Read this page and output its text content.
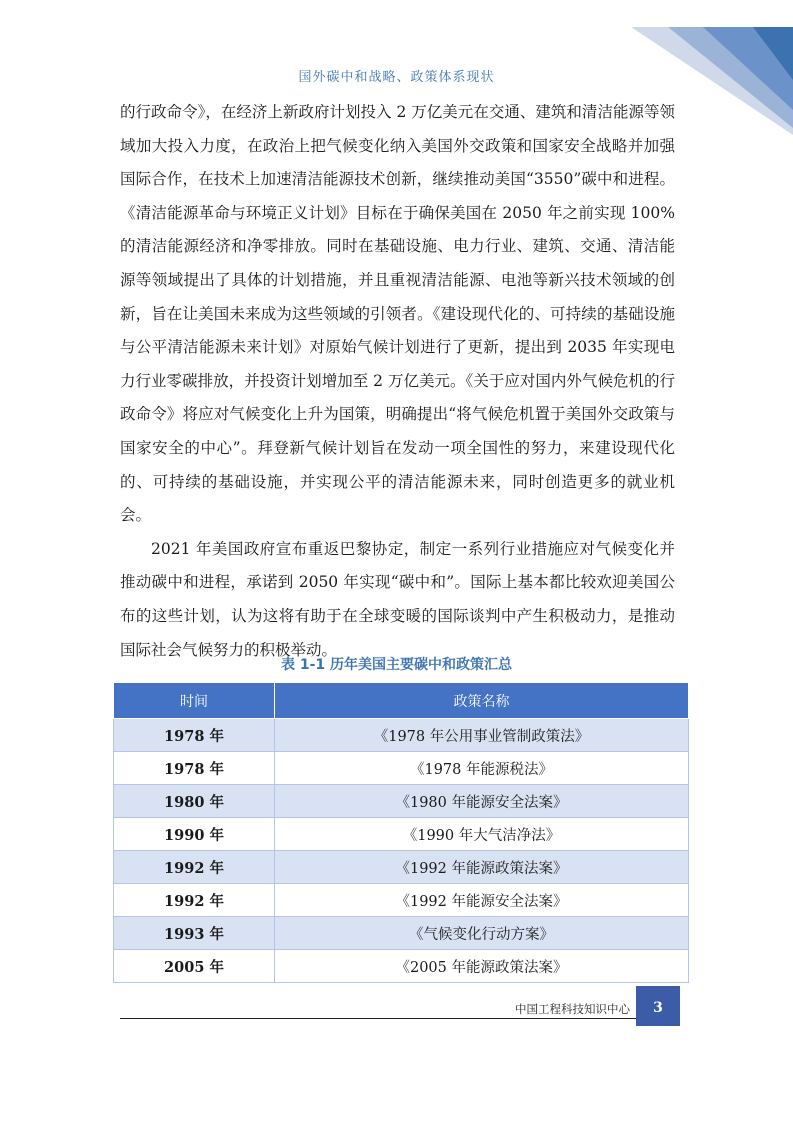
国外碳中和战略、政策体系现状

的行政命令》，在经济上新政府计划投入 2 万亿美元在交通、建筑和清洁能源等领域加大投入力度，在政治上把气候变化纳入美国外交政策和国家安全战略并加强国际合作，在技术上加速清洁能源技术创新，继续推动美国“3550”碳中和进程。《清洁能源革命与环境正义计划》目标在于确保美国在 2050 年之前实现 100%的清洁能源经济和净零排放。同时在基础设施、电力行业、建筑、交通、清洁能源等领域提出了具体的计划措施，并且重视清洁能源、电池等新兴技术领域的创新，旨在让美国未来成为这些领域的引领者。《建设现代化的、可持续的基础设施与公平清洁能源未来计划》对原始气候计划进行了更新，提出到 2035 年实现电力行业零碳排放，并投资计划增加至 2 万亿美元。《关于应对国内外气候危机的行政命令》将应对气候变化上升为国策，明确提出“将气候危机置于美国外交政策与国家安全的中心”。拜登新气候计划旨在发动一项全国性的努力，来建设现代化的、可持续的基础设施，并实现公平的清洁能源未来，同时创造更多的就业机会。

2021 年美国政府宣布重返巴黎协定，制定一系列行业措施应对气候变化并推动碳中和进程，承诺到 2050 年实现“碳中和”。国际上基本都比较欢迎美国公布的这些计划，认为这将有助于在全球变暖的国际谈判中产生积极动力，是推动国际社会气候努力的积极举动。

表 1-1 历年美国主要碳中和政策汇总
时间	政策名称
1978 年	《1978 年公用事业管制政策法》
1978 年	《1978 年能源税法》
1980 年	《1980 年能源安全法案》
1990 年	《1990 年大气洁净法》
1992 年	《1992 年能源政策法案》
1992 年	《1992 年能源安全法案》
1993 年	《气候变化行动方案》
2005 年	《2005 年能源政策法案》
中国工程科技知识中心	3
